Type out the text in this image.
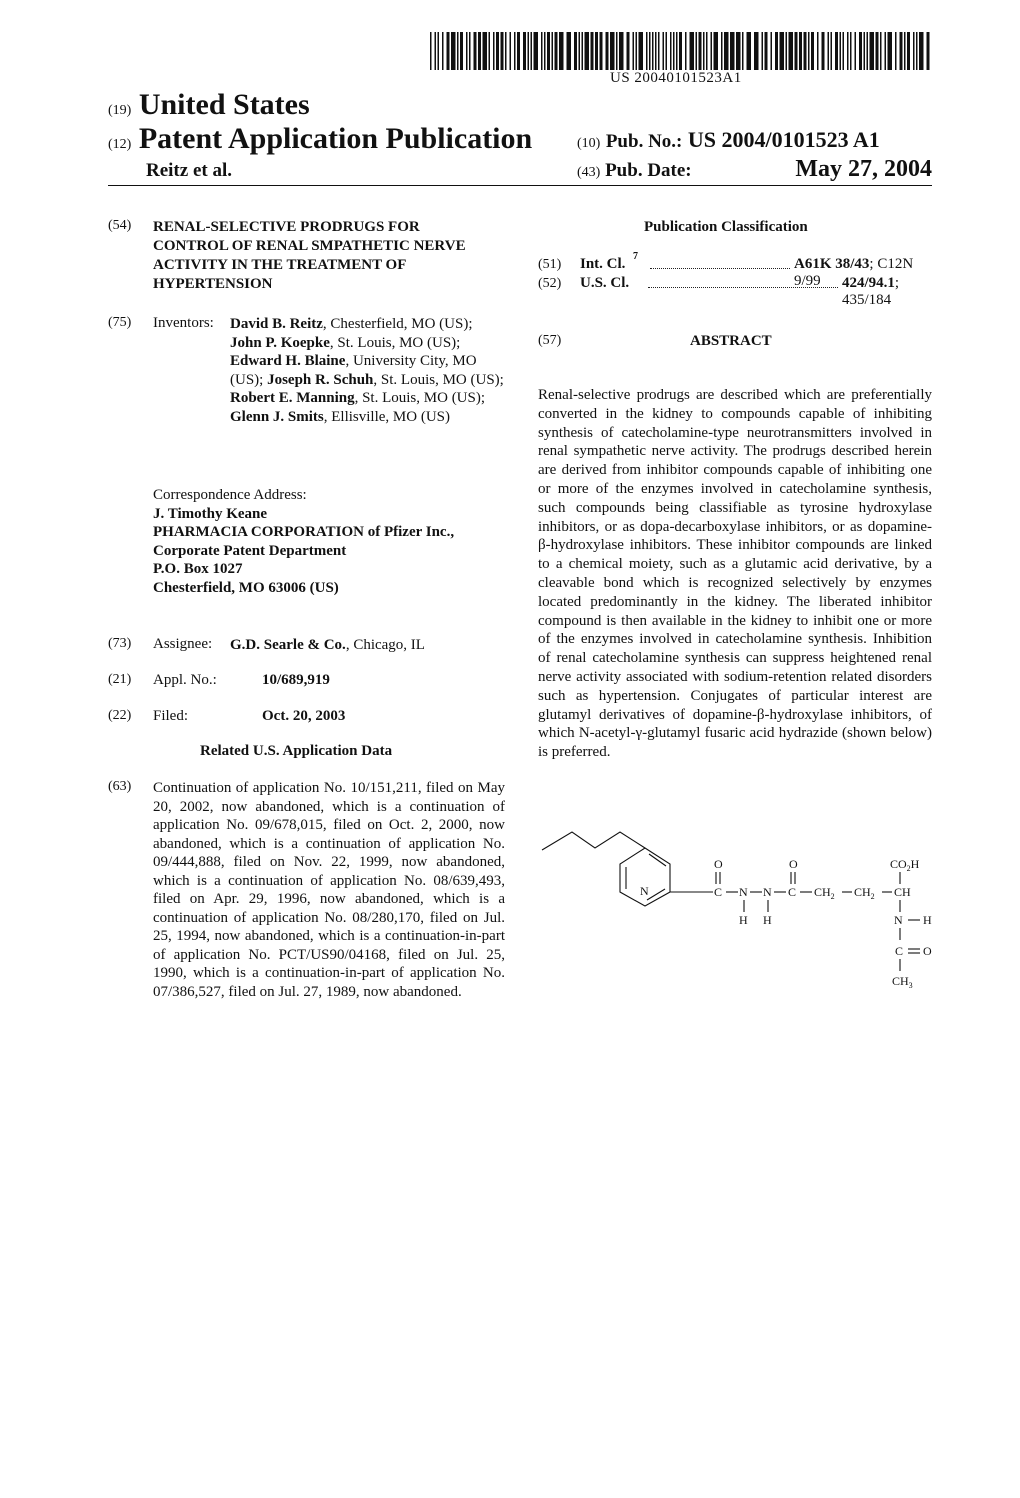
US 20040101523A1
(19) United States
(12) Patent Application Publication
Reitz et al.
(10) Pub. No.: US 2004/0101523 A1
(43) Pub. Date:	May 27, 2004
(54) RENAL-SELECTIVE PRODRUGS FOR
CONTROL OF RENAL SMPATHETIC NERVE
ACTIVITY IN THE TREATMENT OF
HYPERTENSION
(75) Inventors: David B. Reitz, Chesterfield, MO (US);
John P. Koepke, St. Louis, MO (US);
Edward H. Blaine, University City, MO (US); Joseph R. Schuh, St. Louis, MO (US); Robert E. Manning, St. Louis, MO (US); Glenn J. Smits, Ellisville, MO (US)
Correspondence Address:
J. Timothy Keane
PHARMACIA CORPORATION of Pfizer Inc.,
Corporate Patent Department
P.O. Box 1027
Chesterfield, MO 63006 (US)
(73) Assignee: G.D. Searle & Co., Chicago, IL
(21) Appl. No.:	10/689,919
(22) Filed:	Oct. 20, 2003
Related U.S. Application Data
(63) Continuation of application No. 10/151,211, filed on May 20, 2002, now abandoned, which is a continuation of application No. 09/678,015, filed on Oct. 2, 2000, now abandoned, which is a continuation of application No. 09/444,888, filed on Nov. 22, 1999, now abandoned, which is a continuation of application No. 08/639,493, filed on Apr. 29, 1996, now abandoned, which is a continuation of application No. 08/280,170, filed on Jul. 25, 1994, now abandoned, which is a continuation-in-part of application No. PCT/US90/04168, filed on Jul. 25, 1990, which is a continuation-in-part of application No. 07/386,527, filed on Jul. 27, 1989, now abandoned.
Publication Classification
(51) Int. Cl. 7	A61K 38/43; C12N 9/99
(52) U.S. Cl.	424/94.1; 435/184
(57)	ABSTRACT
Renal-selective prodrugs are described which are preferentially converted in the kidney to compounds capable of inhibiting synthesis of catecholamine-type neurotransmitters involved in renal sympathetic nerve activity. The prodrugs described herein are derived from inhibitor compounds capable of inhibiting one or more of the enzymes involved in catecholamine synthesis, such compounds being classifiable as tyrosine hydroxylase inhibitors, or as dopa-decarboxylase inhibitors, or as dopamine-β-hydroxylase inhibitors. These inhibitor compounds are linked to a chemical moiety, such as a glutamic acid derivative, by a cleavable bond which is recognized selectively by enzymes located predominantly in the kidney. The liberated inhibitor compound is then available in the kidney to inhibit one or more of the enzymes involved in catecholamine synthesis. Inhibition of renal catecholamine synthesis can suppress heightened renal nerve activity associated with sodium-retention related disorders such as hypertension. Conjugates of particular interest are glutamyl derivatives of dopamine-β-hydroxylase inhibitors, of which N-acetyl-γ-glutamyl fusaric acid hydrazide (shown below) is preferred.
N
O	O
C N N C $CH_2$ $CH_2$ CH
H H
$CO_2H$
N H
C O
$CH_3$
